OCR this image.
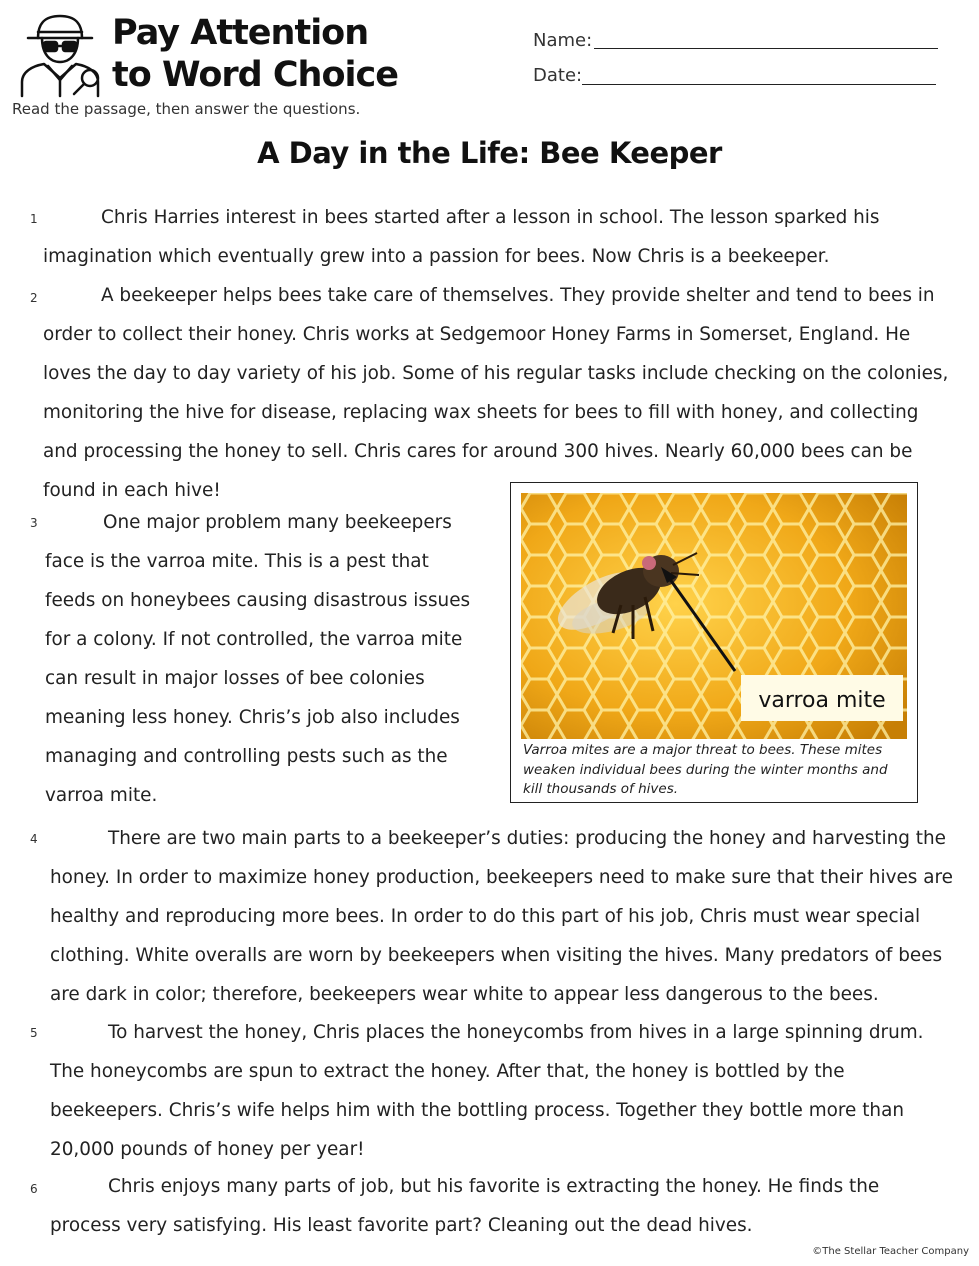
Pay Attention
to Word Choice
Read the passage, then answer the questions.
Name:
Date:
A Day in the Life: Bee Keeper
1	Chris Harries interest in bees started after a lesson in school. The lesson sparked his imagination which eventually grew into a passion for bees. Now Chris is a beekeeper.
2	A beekeeper helps bees take care of themselves. They provide shelter and tend to bees in order to collect their honey. Chris works at Sedgemoor Honey Farms in Somerset, England. He loves the day to day variety of his job. Some of his regular tasks include checking on the colonies, monitoring the hive for disease, replacing wax sheets for bees to fill with honey, and collecting and processing the honey to sell. Chris cares for around 300 hives. Nearly 60,000 bees can be found in each hive!
3	One major problem many beekeepers face is the varroa mite. This is a pest that feeds on honeybees causing disastrous issues for a colony. If not controlled, the varroa mite can result in major losses of bee colonies meaning less honey. Chris’s job also includes managing and controlling pests such as the varroa mite.
varroa mite
Varroa mites are a major threat to bees. These mites weaken individual bees during the winter months and kill thousands of hives.
4	There are two main parts to a beekeeper’s duties: producing the honey and harvesting the honey. In order to maximize honey production, beekeepers need to make sure that their hives are healthy and reproducing more bees. In order to do this part of his job, Chris must wear special clothing. White overalls are worn by beekeepers when visiting the hives. Many predators of bees are dark in color; therefore, beekeepers wear white to appear less dangerous to the bees.
5	To harvest the honey, Chris places the honeycombs from hives in a large spinning drum. The honeycombs are spun to extract the honey. After that, the honey is bottled by the beekeepers. Chris’s wife helps him with the bottling process. Together they bottle more than 20,000 pounds of honey per year!
6	Chris enjoys many parts of job, but his favorite is extracting the honey. He finds the process very satisfying. His least favorite part? Cleaning out the dead hives.
©The Stellar Teacher Company
